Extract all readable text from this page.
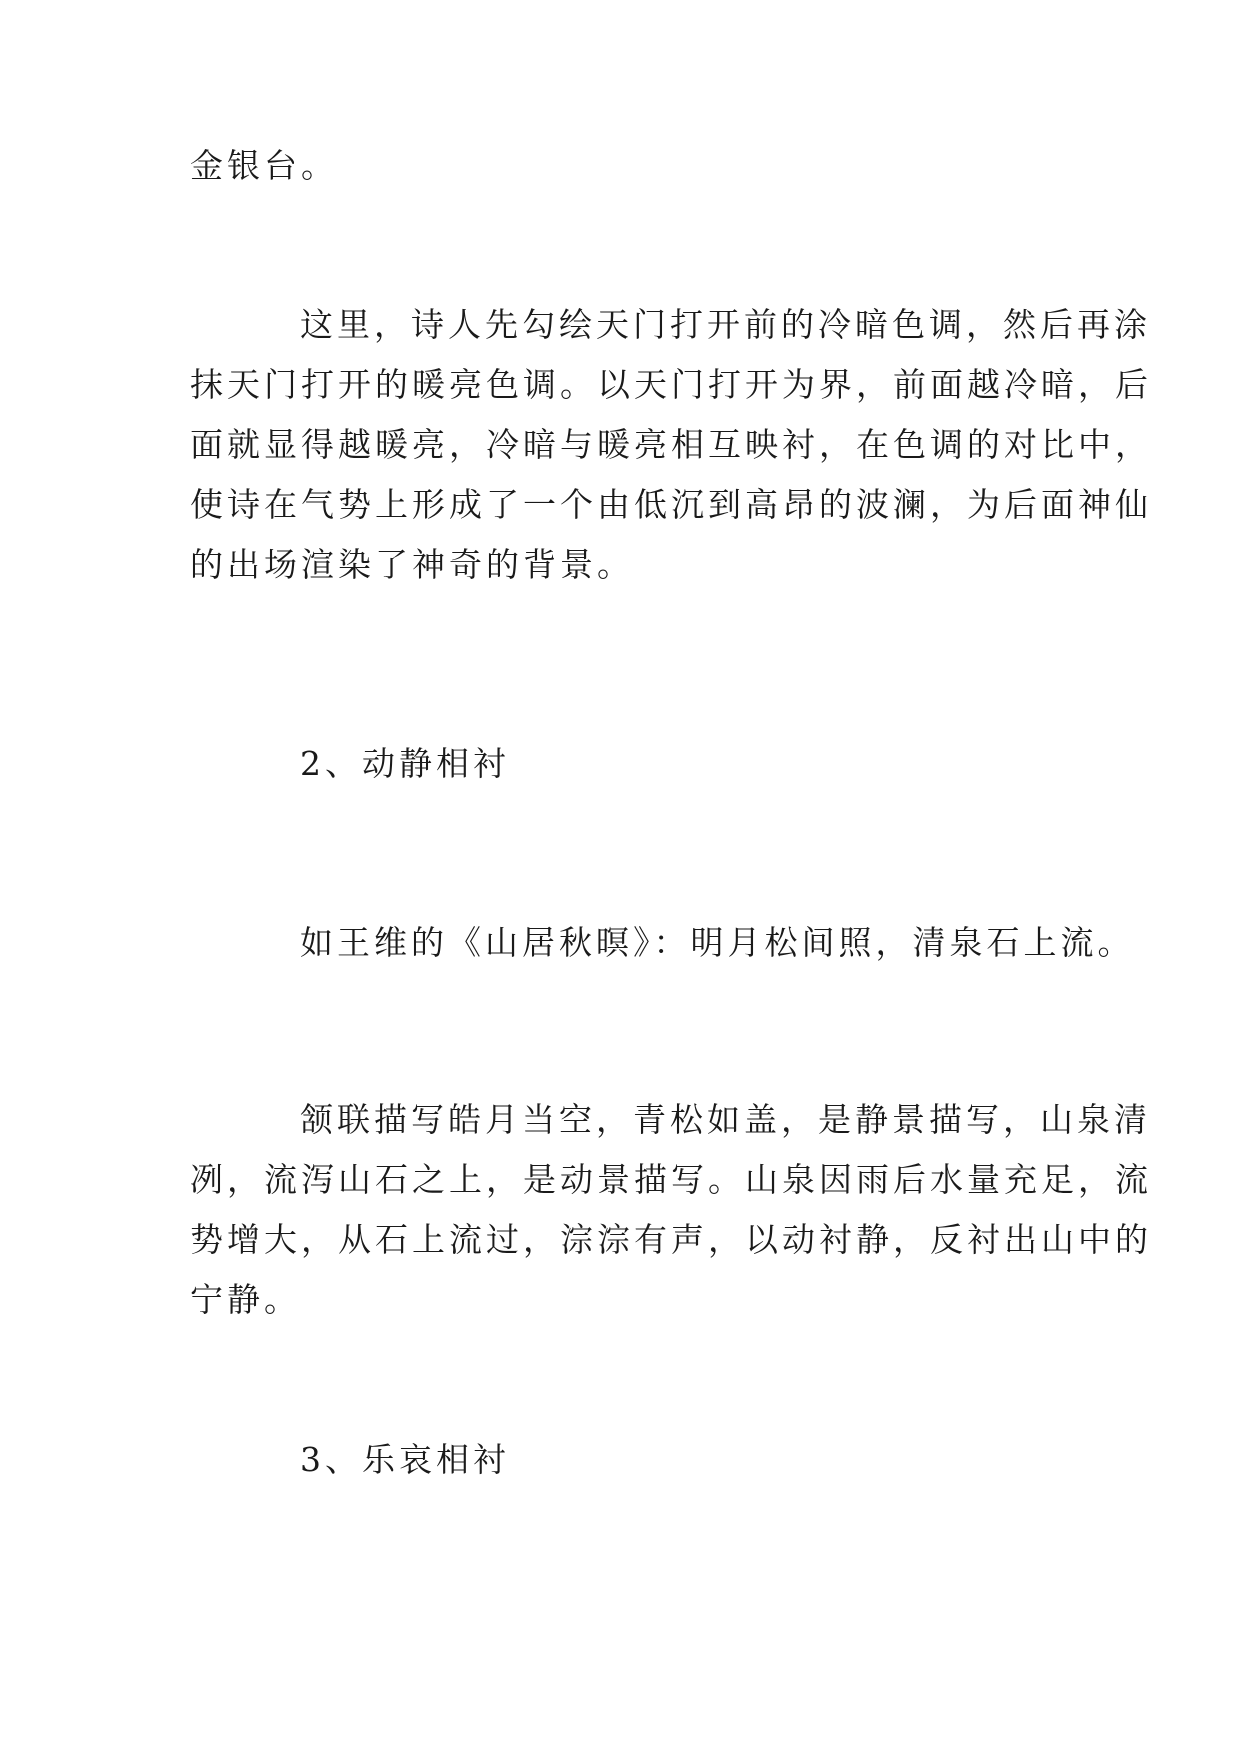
金银台。

这里，诗人先勾绘天门打开前的冷暗色调，然后再涂
抹天门打开的暖亮色调。以天门打开为界，前面越冷暗，后
面就显得越暖亮，冷暗与暖亮相互映衬，在色调的对比中，
使诗在气势上形成了一个由低沉到高昂的波澜，为后面神仙
的出场渲染了神奇的背景。

2、动静相衬

如王维的《山居秋暝》：明月松间照，清泉石上流。

颔联描写皓月当空，青松如盖，是静景描写，山泉清
冽，流泻山石之上，是动景描写。山泉因雨后水量充足，流
势增大，从石上流过，淙淙有声，以动衬静，反衬出山中的
宁静。

3、乐哀相衬
